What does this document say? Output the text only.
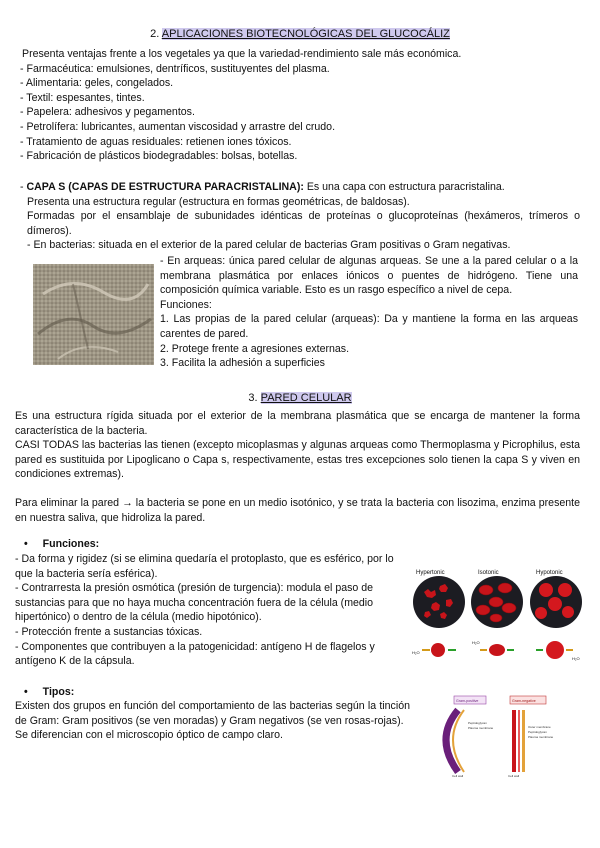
2. APLICACIONES BIOTECNOLÓGICAS DEL GLUCOCÁLIZ

Presenta ventajas frente a los vegetales ya que la variedad-rendimiento sale más económica.

- Farmacéutica: emulsiones, dentríficos, sustituyentes del plasma.

- Alimentaria: geles, congelados.

- Textil: espesantes, tintes.

- Papelera: adhesivos y pegamentos.

- Petrolífera: lubricantes, aumentan viscosidad y arrastre del crudo.

- Tratamiento de aguas residuales: retienen iones tóxicos.

- Fabricación de plásticos biodegradables: bolsas, botellas.

- CAPA S (CAPAS DE ESTRUCTURA PARACRISTALINA): Es una capa con estructura paracristalina.

Presenta una estructura regular (estructura en formas geométricas, de baldosas).

Formadas por el ensamblaje de subunidades idénticas de proteínas o glucoproteínas (hexámeros, trímeros o dímeros).

- En bacterias: situada en el exterior de la pared celular de bacterias Gram positivas o Gram negativas.

- En arqueas: única pared celular de algunas arqueas. Se une a la pared celular o a la membrana plasmática por enlaces iónicos o puentes de hidrógeno. Tiene una composición química variable. Esto es un rasgo específico a nivel de cepa.

Funciones:

1. Las propias de la pared celular (arqueas): Da y mantiene la forma en las arqueas carentes de pared.

2. Protege frente a agresiones externas.

3. Facilita la adhesión a superficies

3. PARED CELULAR

Es una estructura rígida situada por el exterior de la membrana plasmática que se encarga de mantener la forma característica de la bacteria.

CASI TODAS las bacterias las tienen (excepto micoplasmas y algunas arqueas como Thermoplasma y Picrophilus, esta pared es sustituida por Lipoglicano o Capa s, respectivamente, estas tres excepciones solo tienen la capa S y viven en condiciones extremas).

Para eliminar la pared → la bacteria se pone en un medio isotónico, y se trata la bacteria con lisozima, enzima presente en nuestra saliva, que hidroliza la pared.

• Funciones:

- Da forma y rigidez (si se elimina quedaría el protoplasto, que es esférico, por lo que la bacteria sería esférica).

- Contrarresta la presión osmótica (presión de turgencia): modula el paso de sustancias para que no haya mucha concentración fuera de la célula (medio hipertónico) o dentro de la célula (medio hipotónico).

- Protección frente a sustancias tóxicas.

- Componentes que contribuyen a la patogenicidad: antígeno H de flagelos y antígeno K de la cápsula.

Hypertonic	Isotonic	Hypotonic
H₂O
H₂O
H₂O
• Tipos:

Existen dos grupos en función del comportamiento de las bacterias según la tinción de Gram: Gram positivos (se ven moradas) y Gram negativos (se ven rosas-rojas).

Se diferencian con el microscopio óptico de campo claro.

Gram-positive	Gram-negative
Peptidoglycan
Plasma membrane
Cell wall
Outer membrane
Peptidoglycan
Plasma membrane
Cell wall
